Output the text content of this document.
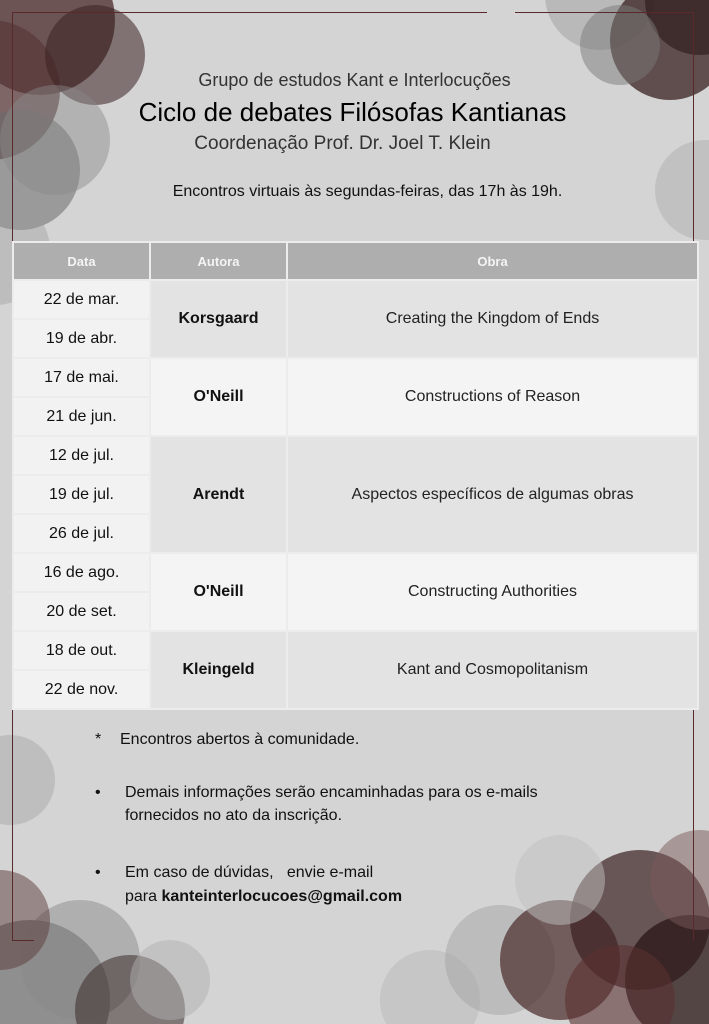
Grupo de estudos Kant e Interlocuções
Ciclo de debates Filósofas Kantianas
Coordenação Prof. Dr. Joel T. Klein
Encontros virtuais às segundas-feiras, das 17h às 19h.
Data	Autora	Obra
22 de mar.	Korsgaard	Creating the Kingdom of Ends
19 de abr.		
17 de mai.	O'Neill	Constructions of Reason
21 de jun.		
12 de jul.	Arendt	Aspectos específicos de algumas obras
19 de jul.		
26 de jul.		
16 de ago.	O'Neill	Constructing Authorities
20 de set.		
18 de out.	Kleingeld	Kant and Cosmopolitanism
22 de nov.		
* Encontros abertos à comunidade.
• Demais informações serão encaminhadas para os e-mails
fornecidos no ato da inscrição.
• Em caso de dúvidas,   envie e-mail
para kanteinterlocucoes@gmail.com
